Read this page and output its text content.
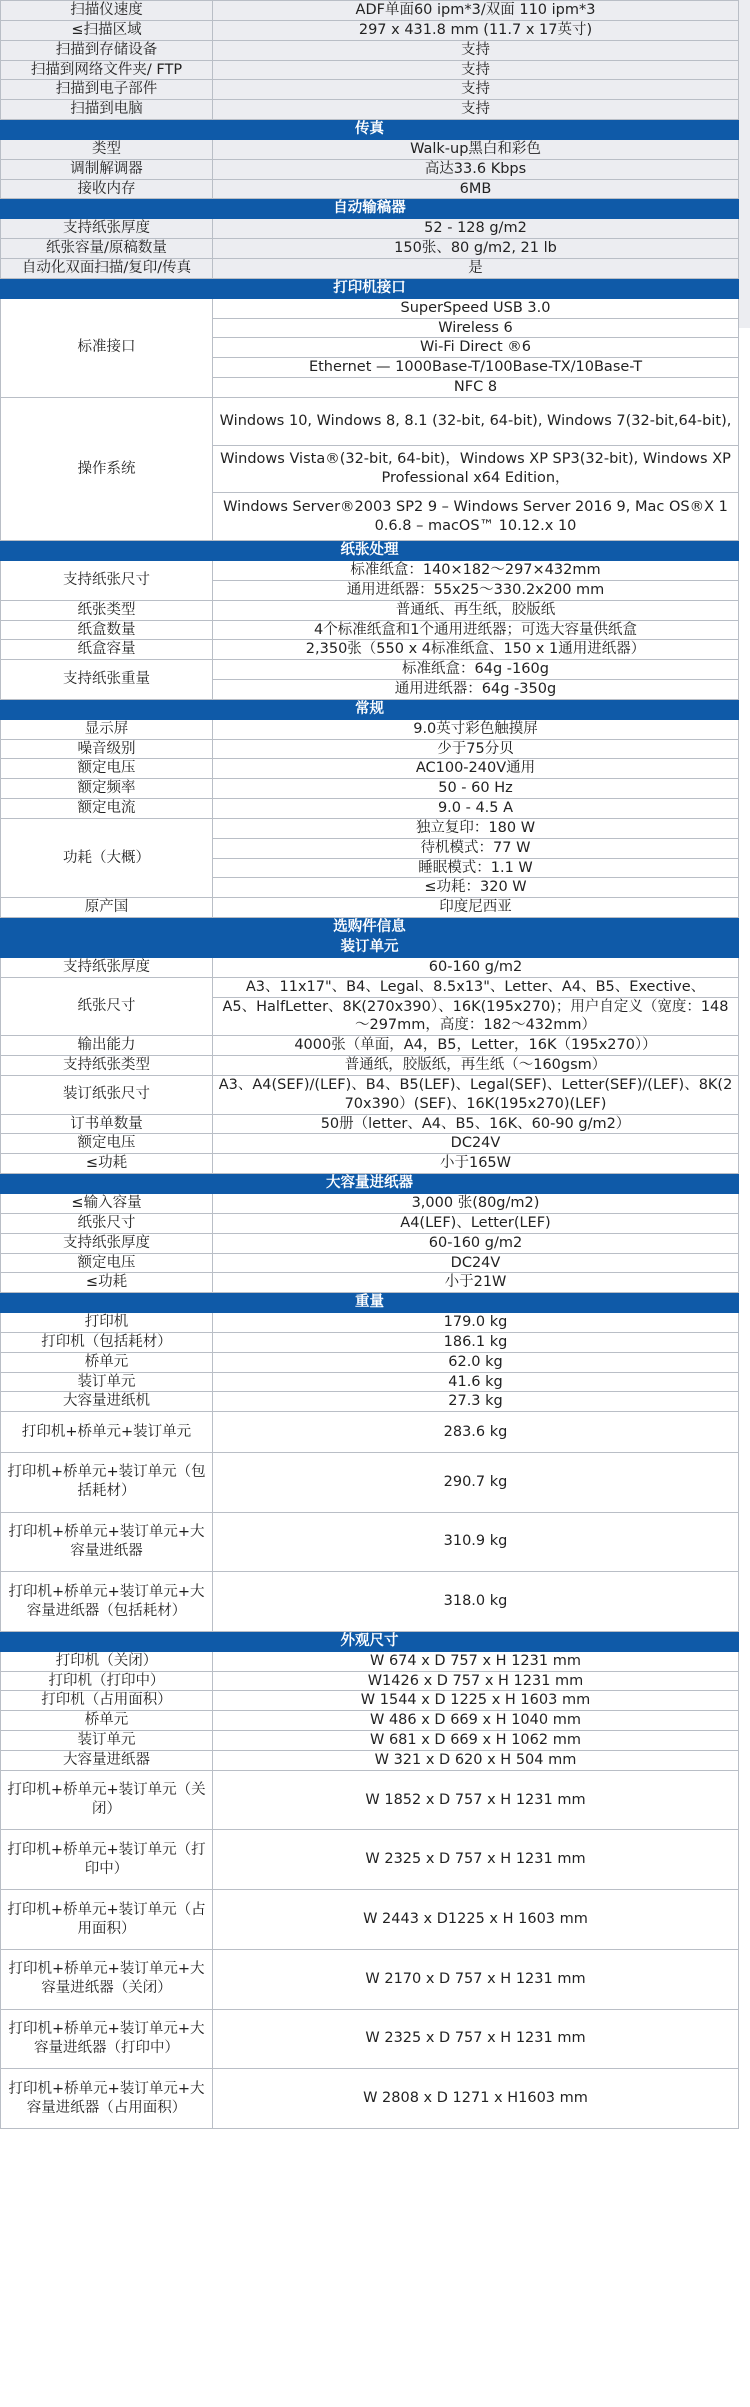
扫描仪速度	ADF单面60 ipm*3/双面 110 ipm*3
≤扫描区域	297 x 431.8 mm (11.7 x 17英寸)
扫描到存储设备	支持
扫描到网络文件夹/ FTP	支持
扫描到电子部件	支持
扫描到电脑	支持
传真	
类型	Walk-up黑白和彩色
调制解调器	高达33.6 Kbps
接收内存	6MB
自动输稿器	
支持纸张厚度	52 - 128 g/m2
纸张容量/原稿数量	150张、80 g/m2, 21 lb
自动化双面扫描/复印/传真	是
打印机接口	
标准接口	SuperSpeed USB 3.0
	Wireless 6
	Wi-Fi Direct ®6
	Ethernet — 1000Base-T/100Base-TX/10Base-T
	NFC 8
操作系统	Windows 10, Windows 8, 8.1 (32-bit, 64-bit), Windows 7(32-bit,64-bit),
	Windows Vista®(32-bit, 64-bit)，Windows XP SP3(32-bit), Windows XP Professional x64 Edition，
	Windows Server®2003 SP2 9 – Windows Server 2016 9, Mac OS®X 10.6.8 – macOS™ 10.12.x 10
纸张处理	
支持纸张尺寸	标准纸盒：140×182～297×432mm
	通用进纸器：55x25～330.2x200 mm
纸张类型	普通纸、再生纸，胶版纸
纸盒数量	4个标准纸盒和1个通用进纸器；可选大容量供纸盒
纸盒容量	2,350张（550 x 4标准纸盒、150 x 1通用进纸器）
支持纸张重量	标准纸盒：64g -160g
	通用进纸器：64g -350g
常规	
显示屏	9.0英寸彩色触摸屏
噪音级别	少于75分贝
额定电压	AC100-240V通用
额定频率	50 - 60 Hz
额定电流	9.0 - 4.5 A
功耗（大概）	独立复印：180 W
	待机模式：77 W
	睡眠模式：1.1 W
	≤功耗：320 W
原产国	印度尼西亚
选购件信息	
装订单元	
支持纸张厚度	60-160 g/m2
纸张尺寸	A3、11x17"、B4、Legal、8.5x13"、Letter、A4、B5、Exective、
	A5、HalfLetter、8K(270x390）、16K(195x270)；用户自定义（宽度：148～297mm，高度：182～432mm）
输出能力	4000张（单面，A4，B5，Letter，16K（195x270））
支持纸张类型	普通纸，胶版纸，再生纸（～160gsm）
装订纸张尺寸	A3、A4(SEF)/(LEF)、B4、B5(LEF)、Legal(SEF)、Letter(SEF)/(LEF)、8K(270x390）(SEF)、16K(195x270)(LEF)
订书单数量	50册（letter、A4、B5、16K、60-90 g/m2）
额定电压	DC24V
≤功耗	小于165W
大容量进纸器	
≤输入容量	3,000 张(80g/m2)
纸张尺寸	A4(LEF)、Letter(LEF)
支持纸张厚度	60-160 g/m2
额定电压	DC24V
≤功耗	小于21W
重量	
打印机	179.0 kg
打印机（包括耗材）	186.1 kg
桥单元	62.0 kg
装订单元	41.6 kg
大容量进纸机	27.3 kg
打印机+桥单元+装订单元	283.6 kg
打印机+桥单元+装订单元（包括耗材）	290.7 kg
打印机+桥单元+装订单元+大容量进纸器	310.9 kg
打印机+桥单元+装订单元+大容量进纸器（包括耗材）	318.0 kg
外观尺寸	
打印机（关闭）	W 674 x D 757 x H 1231 mm
打印机（打印中）	W1426 x D 757 x H 1231 mm
打印机（占用面积）	W 1544 x D 1225 x H 1603 mm
桥单元	W 486 x D 669 x H 1040 mm
装订单元	W 681 x D 669 x H 1062 mm
大容量进纸器	W 321 x D 620 x H 504 mm
打印机+桥单元+装订单元（关闭）	W 1852 x D 757 x H 1231 mm
打印机+桥单元+装订单元（打印中）	W 2325 x D 757 x H 1231 mm
打印机+桥单元+装订单元（占用面积）	W 2443 x D1225 x H 1603 mm
打印机+桥单元+装订单元+大容量进纸器（关闭）	W 2170 x D 757 x H 1231 mm
打印机+桥单元+装订单元+大容量进纸器（打印中）	W 2325 x D 757 x H 1231 mm
打印机+桥单元+装订单元+大容量进纸器（占用面积）	W 2808 x D 1271 x H1603 mm
